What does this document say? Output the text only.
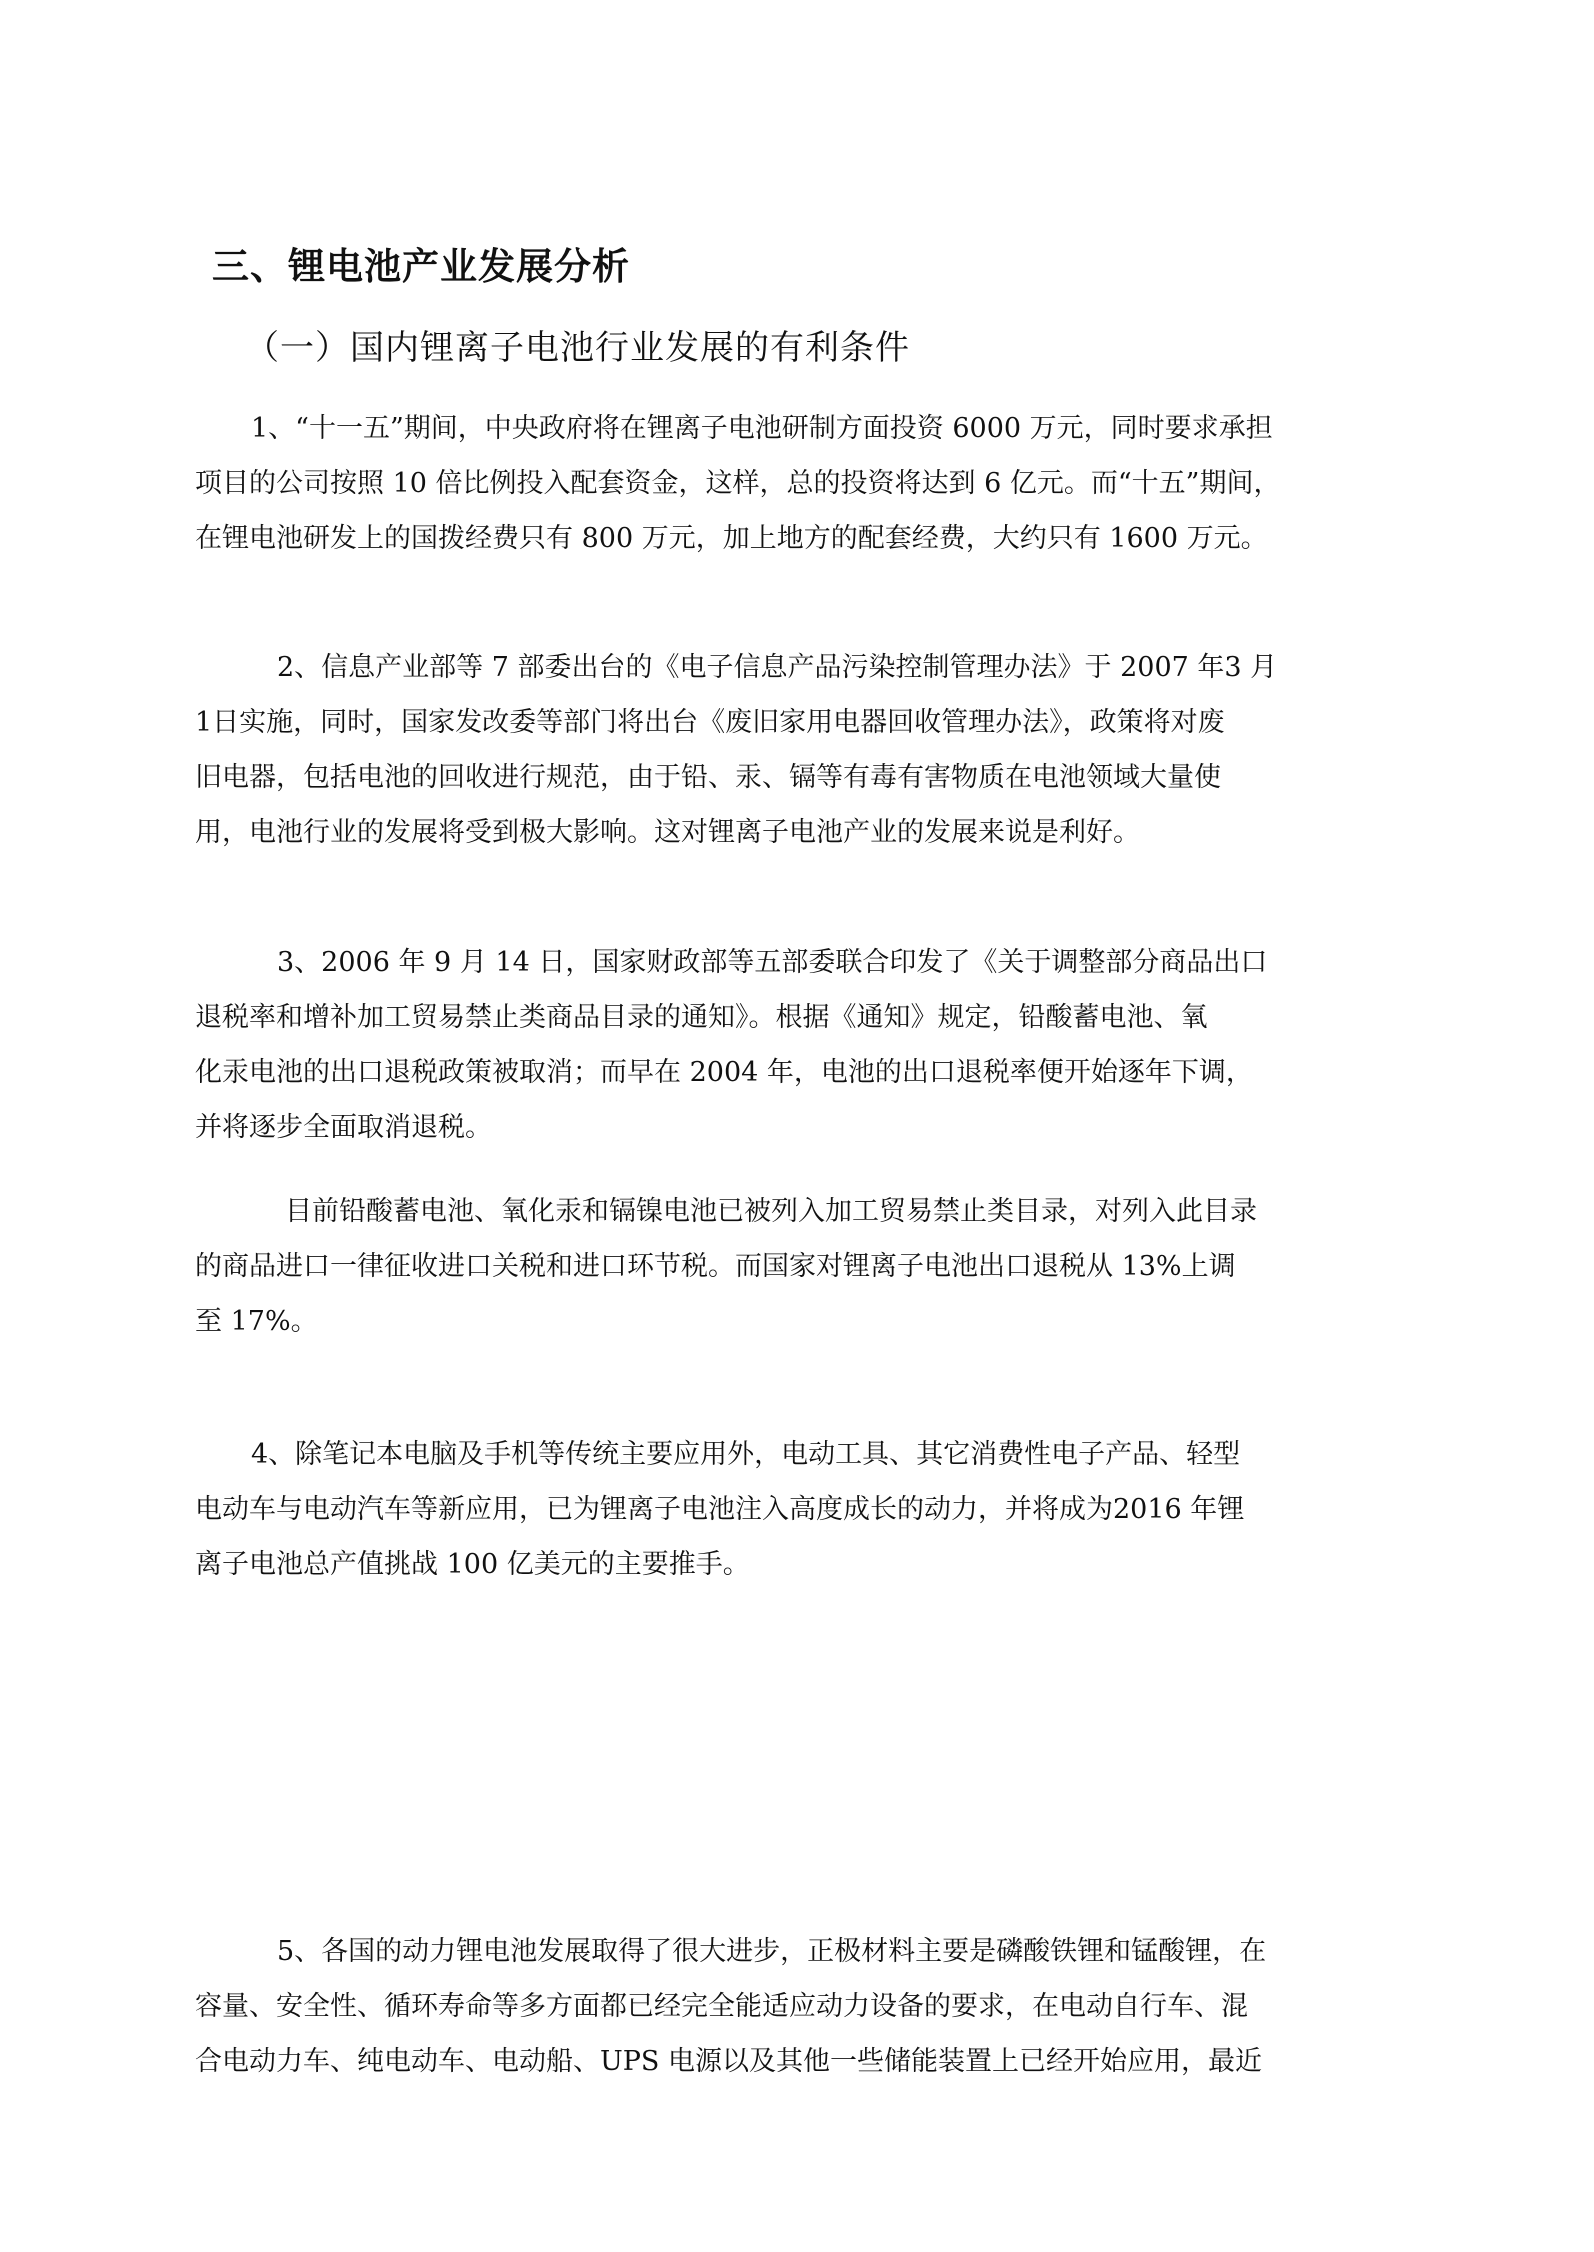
三、锂电池产业发展分析
（一）国内锂离子电池行业发展的有利条件
1、“十一五”期间，中央政府将在锂离子电池研制方面投资 6000 万元，同时要求承担
项目的公司按照 10 倍比例投入配套资金，这样，总的投资将达到 6 亿元。而“十五”期间，
在锂电池研发上的国拨经费只有 800 万元，加上地方的配套经费，大约只有 1600 万元。
2、信息产业部等 7 部委出台的《电子信息产品污染控制管理办法》于 2007 年3 月
1日实施，同时，国家发改委等部门将出台《废旧家用电器回收管理办法》，政策将对废
旧电器，包括电池的回收进行规范，由于铅、汞、镉等有毒有害物质在电池领域大量使
用，电池行业的发展将受到极大影响。这对锂离子电池产业的发展来说是利好。
3、2006 年 9 月 14 日，国家财政部等五部委联合印发了《关于调整部分商品出口
退税率和增补加工贸易禁止类商品目录的通知》。根据《通知》规定，铅酸蓄电池、氧
化汞电池的出口退税政策被取消；而早在 2004 年，电池的出口退税率便开始逐年下调，
并将逐步全面取消退税。
目前铅酸蓄电池、氧化汞和镉镍电池已被列入加工贸易禁止类目录，对列入此目录
的商品进口一律征收进口关税和进口环节税。而国家对锂离子电池出口退税从 13%上调
至 17%。
4、除笔记本电脑及手机等传统主要应用外，电动工具、其它消费性电子产品、轻型
电动车与电动汽车等新应用，已为锂离子电池注入高度成长的动力，并将成为2016 年锂
离子电池总产值挑战 100 亿美元的主要推手。
5、各国的动力锂电池发展取得了很大进步，正极材料主要是磷酸铁锂和锰酸锂，在
容量、安全性、循环寿命等多方面都已经完全能适应动力设备的要求，在电动自行车、混
合电动力车、纯电动车、电动船、UPS 电源以及其他一些储能装置上已经开始应用，最近
